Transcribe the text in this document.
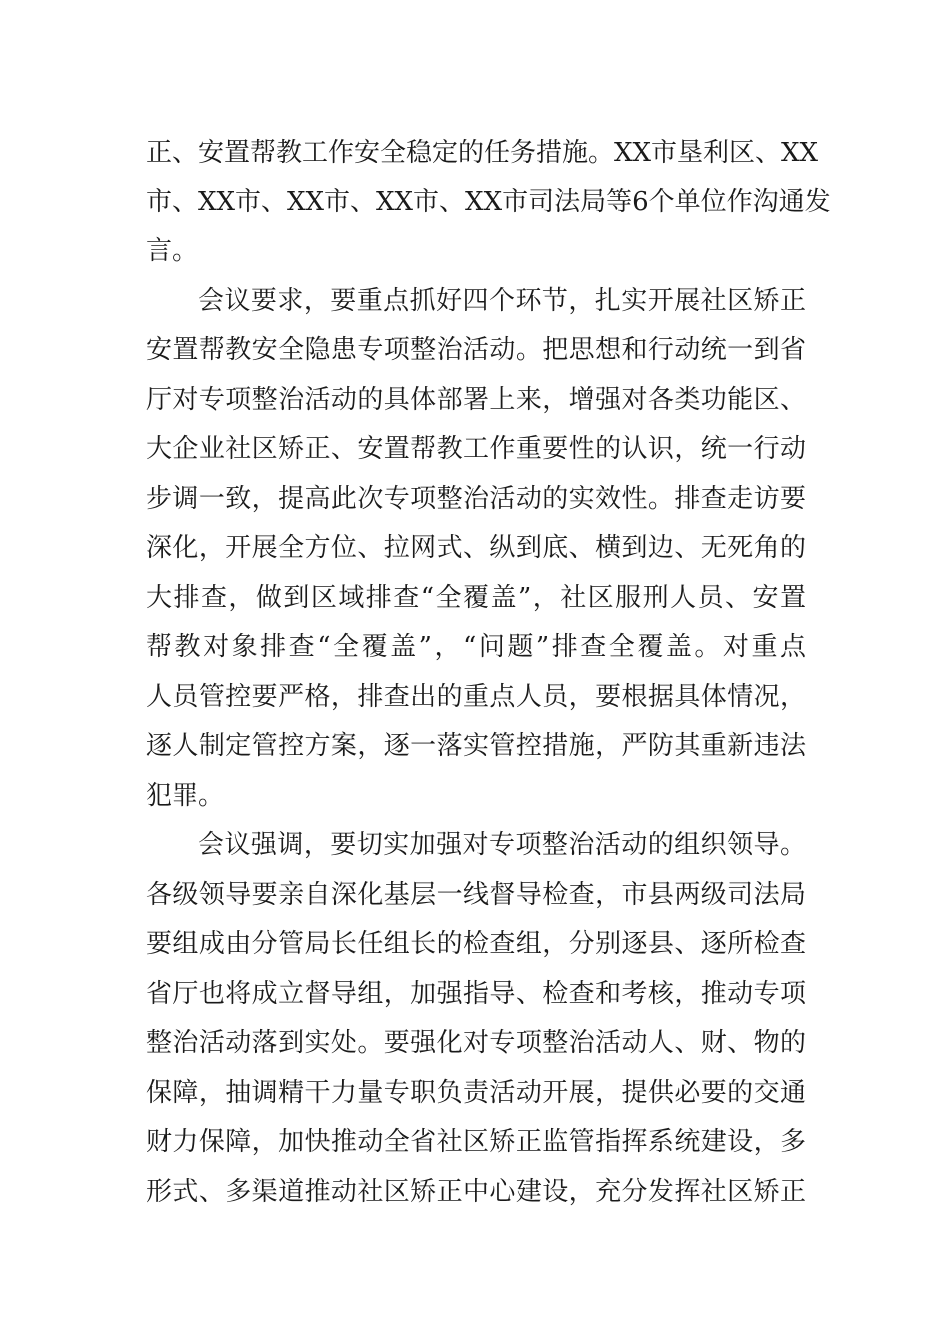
正、安置帮教工作安全稳定的任务措施。XX市垦利区、XX
市、XX市、XX市、XX市、XX市司法局等6个单位作沟通发
言。
会议要求，要重点抓好四个环节，扎实开展社区矫正
安置帮教安全隐患专项整治活动。把思想和行动统一到省
厅对专项整治活动的具体部署上来，增强对各类功能区、
大企业社区矫正、安置帮教工作重要性的认识，统一行动
步调一致，提高此次专项整治活动的实效性。排查走访要
深化，开展全方位、拉网式、纵到底、横到边、无死角的
大排查，做到区域排查“全覆盖”，社区服刑人员、安置
帮教对象排查“全覆盖”，“问题”排查全覆盖。对重点
人员管控要严格，排查出的重点人员，要根据具体情况，
逐人制定管控方案，逐一落实管控措施，严防其重新违法
犯罪。
会议强调，要切实加强对专项整治活动的组织领导。
各级领导要亲自深化基层一线督导检查，市县两级司法局
要组成由分管局长任组长的检查组，分别逐县、逐所检查
省厅也将成立督导组，加强指导、检查和考核，推动专项
整治活动落到实处。要强化对专项整治活动人、财、物的
保障，抽调精干力量专职负责活动开展，提供必要的交通
财力保障，加快推动全省社区矫正监管指挥系统建设，多
形式、多渠道推动社区矫正中心建设，充分发挥社区矫正
